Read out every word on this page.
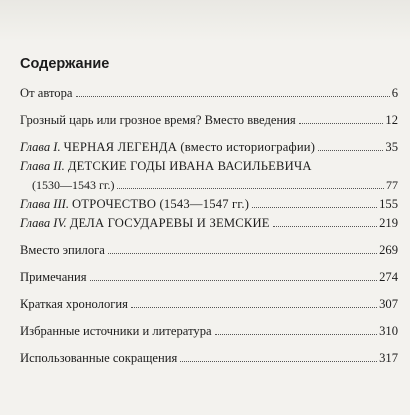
Содержание
От автора	6
Грозный царь или грозное время? Вместо введения	12
Глава I. ЧЕРНАЯ ЛЕГЕНДА (вместо историографии)	35
Глава II. ДЕТСКИЕ ГОДЫ ИВАНА ВАСИЛЬЕВИЧА
(1530—1543 гг.)	77
Глава III. ОТРОЧЕСТВО (1543—1547 гг.)	155
Глава IV. ДЕЛА ГОСУДАРЕВЫ И ЗЕМСКИЕ	219
Вместо эпилога	269
Примечания	274
Краткая хронология	307
Избранные источники и литература	310
Использованные сокращения	317
